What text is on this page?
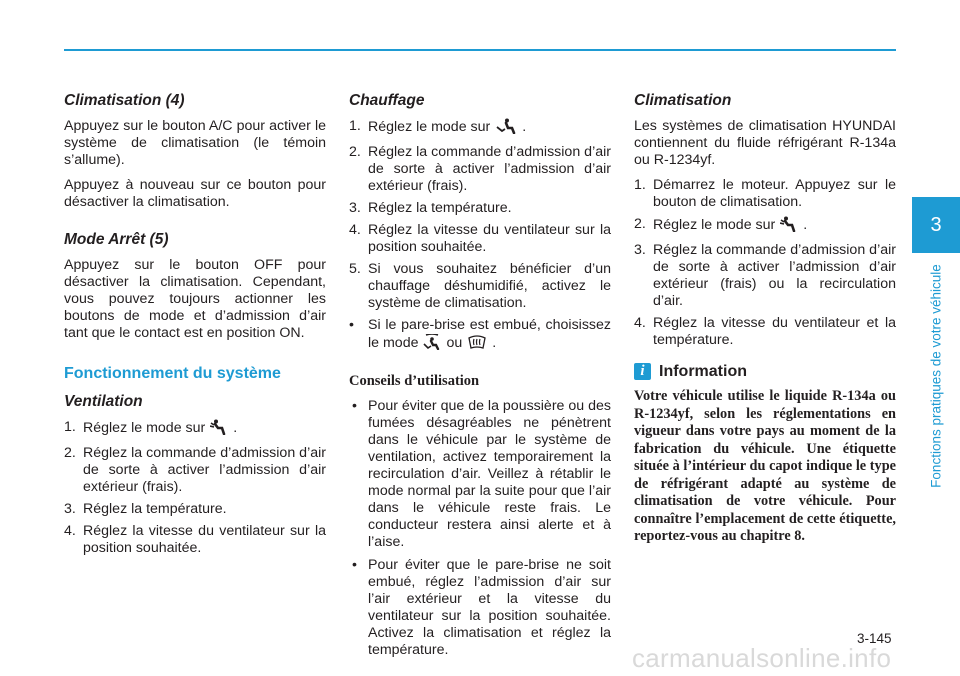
Climatisation (4)

Appuyez sur le bouton A/C pour activer le système de climatisation (le témoin s’allume).

Appuyez à nouveau sur ce bouton pour désactiver la climatisation.

Mode Arrêt (5)

Appuyez sur le bouton OFF pour désactiver la climatisation. Cependant, vous pouvez toujours actionner les boutons de mode et d’admission d’air tant que le contact est en position ON.

Fonctionnement du système
Ventilation
1. Réglez le mode sur .
2. Réglez la commande d’admission d’air de sorte à activer l’admission d’air extérieur (frais).
3. Réglez la température.
4. Réglez la vitesse du ventilateur sur la position souhaitée.
Chauffage
1. Réglez le mode sur .
2. Réglez la commande d’admission d’air de sorte à activer l’admission d’air extérieur (frais).
3. Réglez la température.
4. Réglez la vitesse du ventilateur sur la position souhaitée.
5. Si vous souhaitez bénéficier d’un chauffage déshumidifié, activez le système de climatisation.
• Si le pare-brise est embué, choisissez le mode ou .
Conseils d’utilisation
• Pour éviter que de la poussière ou des fumées désagréables ne pénètrent dans le véhicule par le système de ventilation, activez temporairement la recirculation d’air. Veillez à rétablir le mode normal par la suite pour que l’air dans le véhicule reste frais. Le conducteur restera ainsi alerte et à l’aise.
• Pour éviter que le pare-brise ne soit embué, réglez l’admission d’air sur l’air extérieur et la vitesse du ventilateur sur la position souhaitée. Activez la climatisation et réglez la température.
Climatisation

Les systèmes de climatisation HYUNDAI contiennent du fluide réfrigérant R-134a ou R-1234yf.

1. Démarrez le moteur. Appuyez sur le bouton de climatisation.
2. Réglez le mode sur .
3. Réglez la commande d’admission d’air de sorte à activer l’admission d’air extérieur (frais) ou la recirculation d’air.
4. Réglez la vitesse du ventilateur et la température.
i Information

Votre véhicule utilise le liquide R-134a ou R-1234yf, selon les réglementations en vigueur dans votre pays au moment de la fabrication du véhicule. Une étiquette située à l’intérieur du capot indique le type de réfrigérant adapté au système de climatisation de votre véhicule. Pour connaître l’emplacement de cette étiquette, reportez-vous au chapitre 8.

3
Fonctions pratiques de votre véhicule
3-145
carmanualsonline.info
